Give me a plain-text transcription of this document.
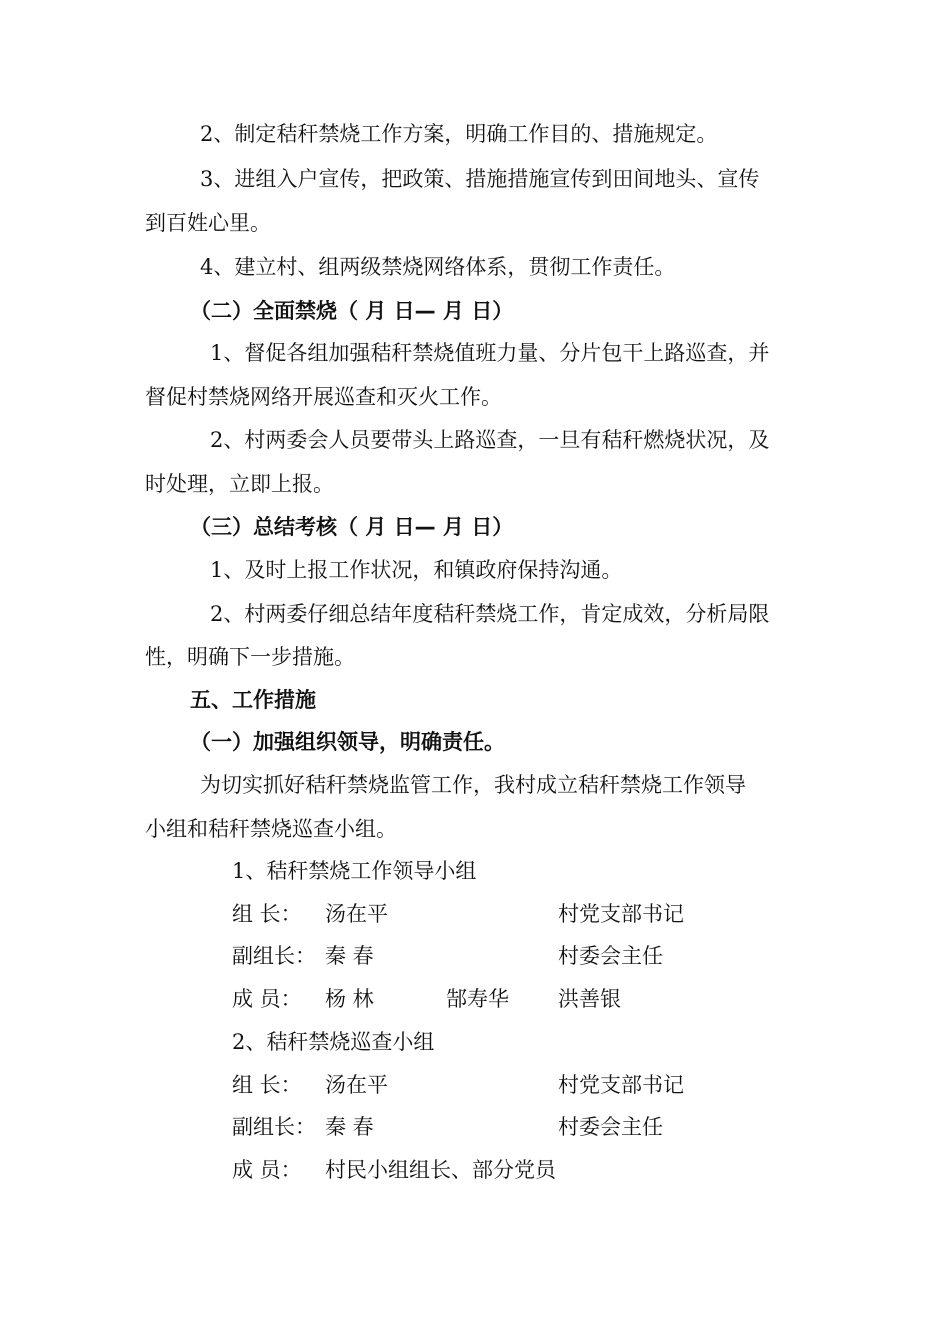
2、制定秸秆禁烧工作方案，明确工作目的、措施规定。
3、进组入户宣传，把政策、措施措施宣传到田间地头、宣传
到百姓心里。
4、建立村、组两级禁烧网络体系，贯彻工作责任。
（二）全面禁烧（ 月 日— 月 日）
1、督促各组加强秸秆禁烧值班力量、分片包干上路巡查，并
督促村禁烧网络开展巡查和灭火工作。
2、村两委会人员要带头上路巡查，一旦有秸秆燃烧状况，及
时处理，立即上报。
（三）总结考核（ 月 日— 月 日）
1、及时上报工作状况，和镇政府保持沟通。
2、村两委仔细总结年度秸秆禁烧工作，肯定成效，分析局限
性，明确下一步措施。
五、工作措施
（一）加强组织领导，明确责任。
为切实抓好秸秆禁烧监管工作，我村成立秸秆禁烧工作领导
小组和秸秆禁烧巡查小组。
1、秸秆禁烧工作领导小组
组 长： 汤在平	村党支部书记
副组长： 秦 春	村委会主任
成 员： 杨 林	郜寿华 洪善银
2、秸秆禁烧巡查小组
组 长： 汤在平	村党支部书记
副组长： 秦 春	村委会主任
成 员： 村民小组组长、部分党员
